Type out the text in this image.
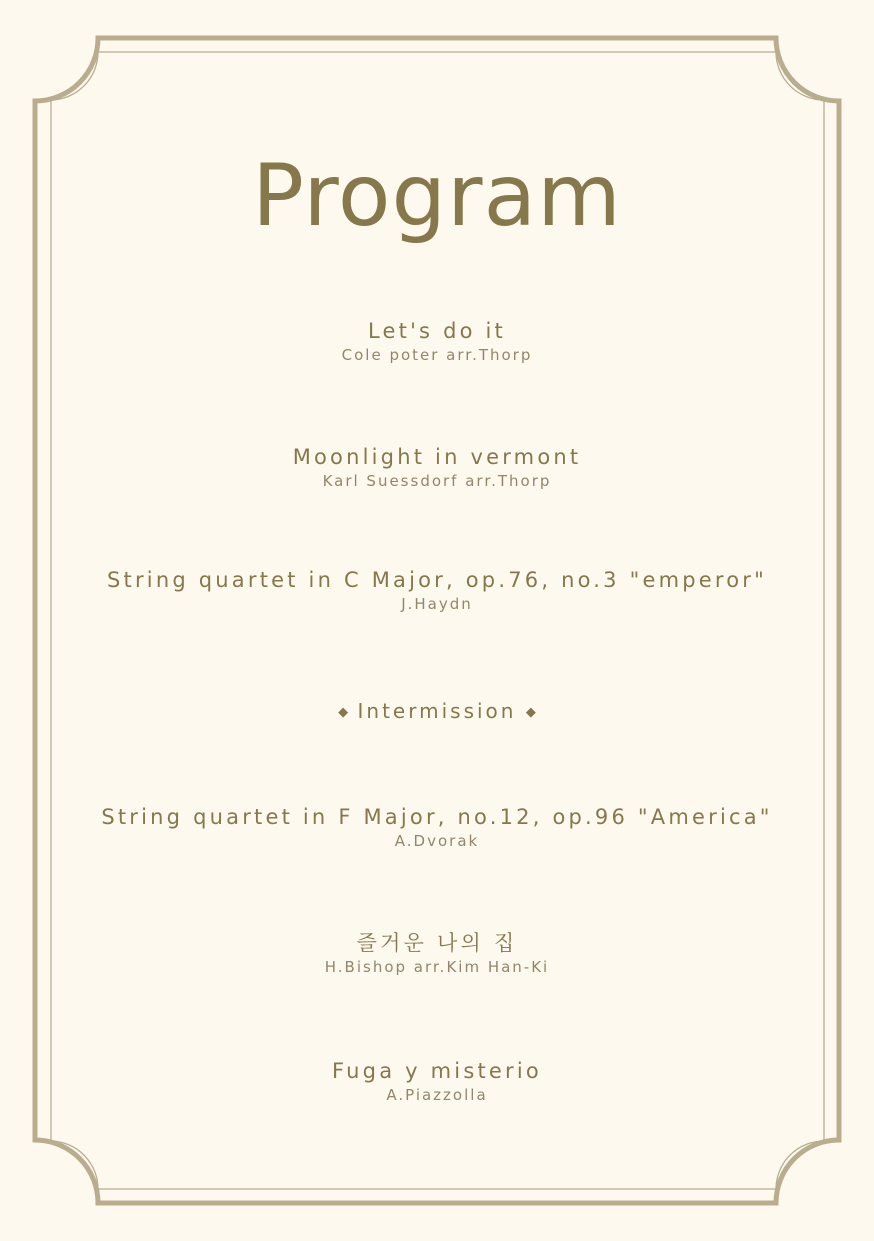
Program
Let's do it
Cole poter arr.Thorp
Moonlight in vermont
Karl Suessdorf arr.Thorp
String quartet in C Major, op.76, no.3 "emperor"
J.Haydn
◆ Intermission ◆
String quartet in F Major, no.12, op.96 "America"
A.Dvorak
즐거운 나의 집
H.Bishop arr.Kim Han-Ki
Fuga y misterio
A.Piazzolla
